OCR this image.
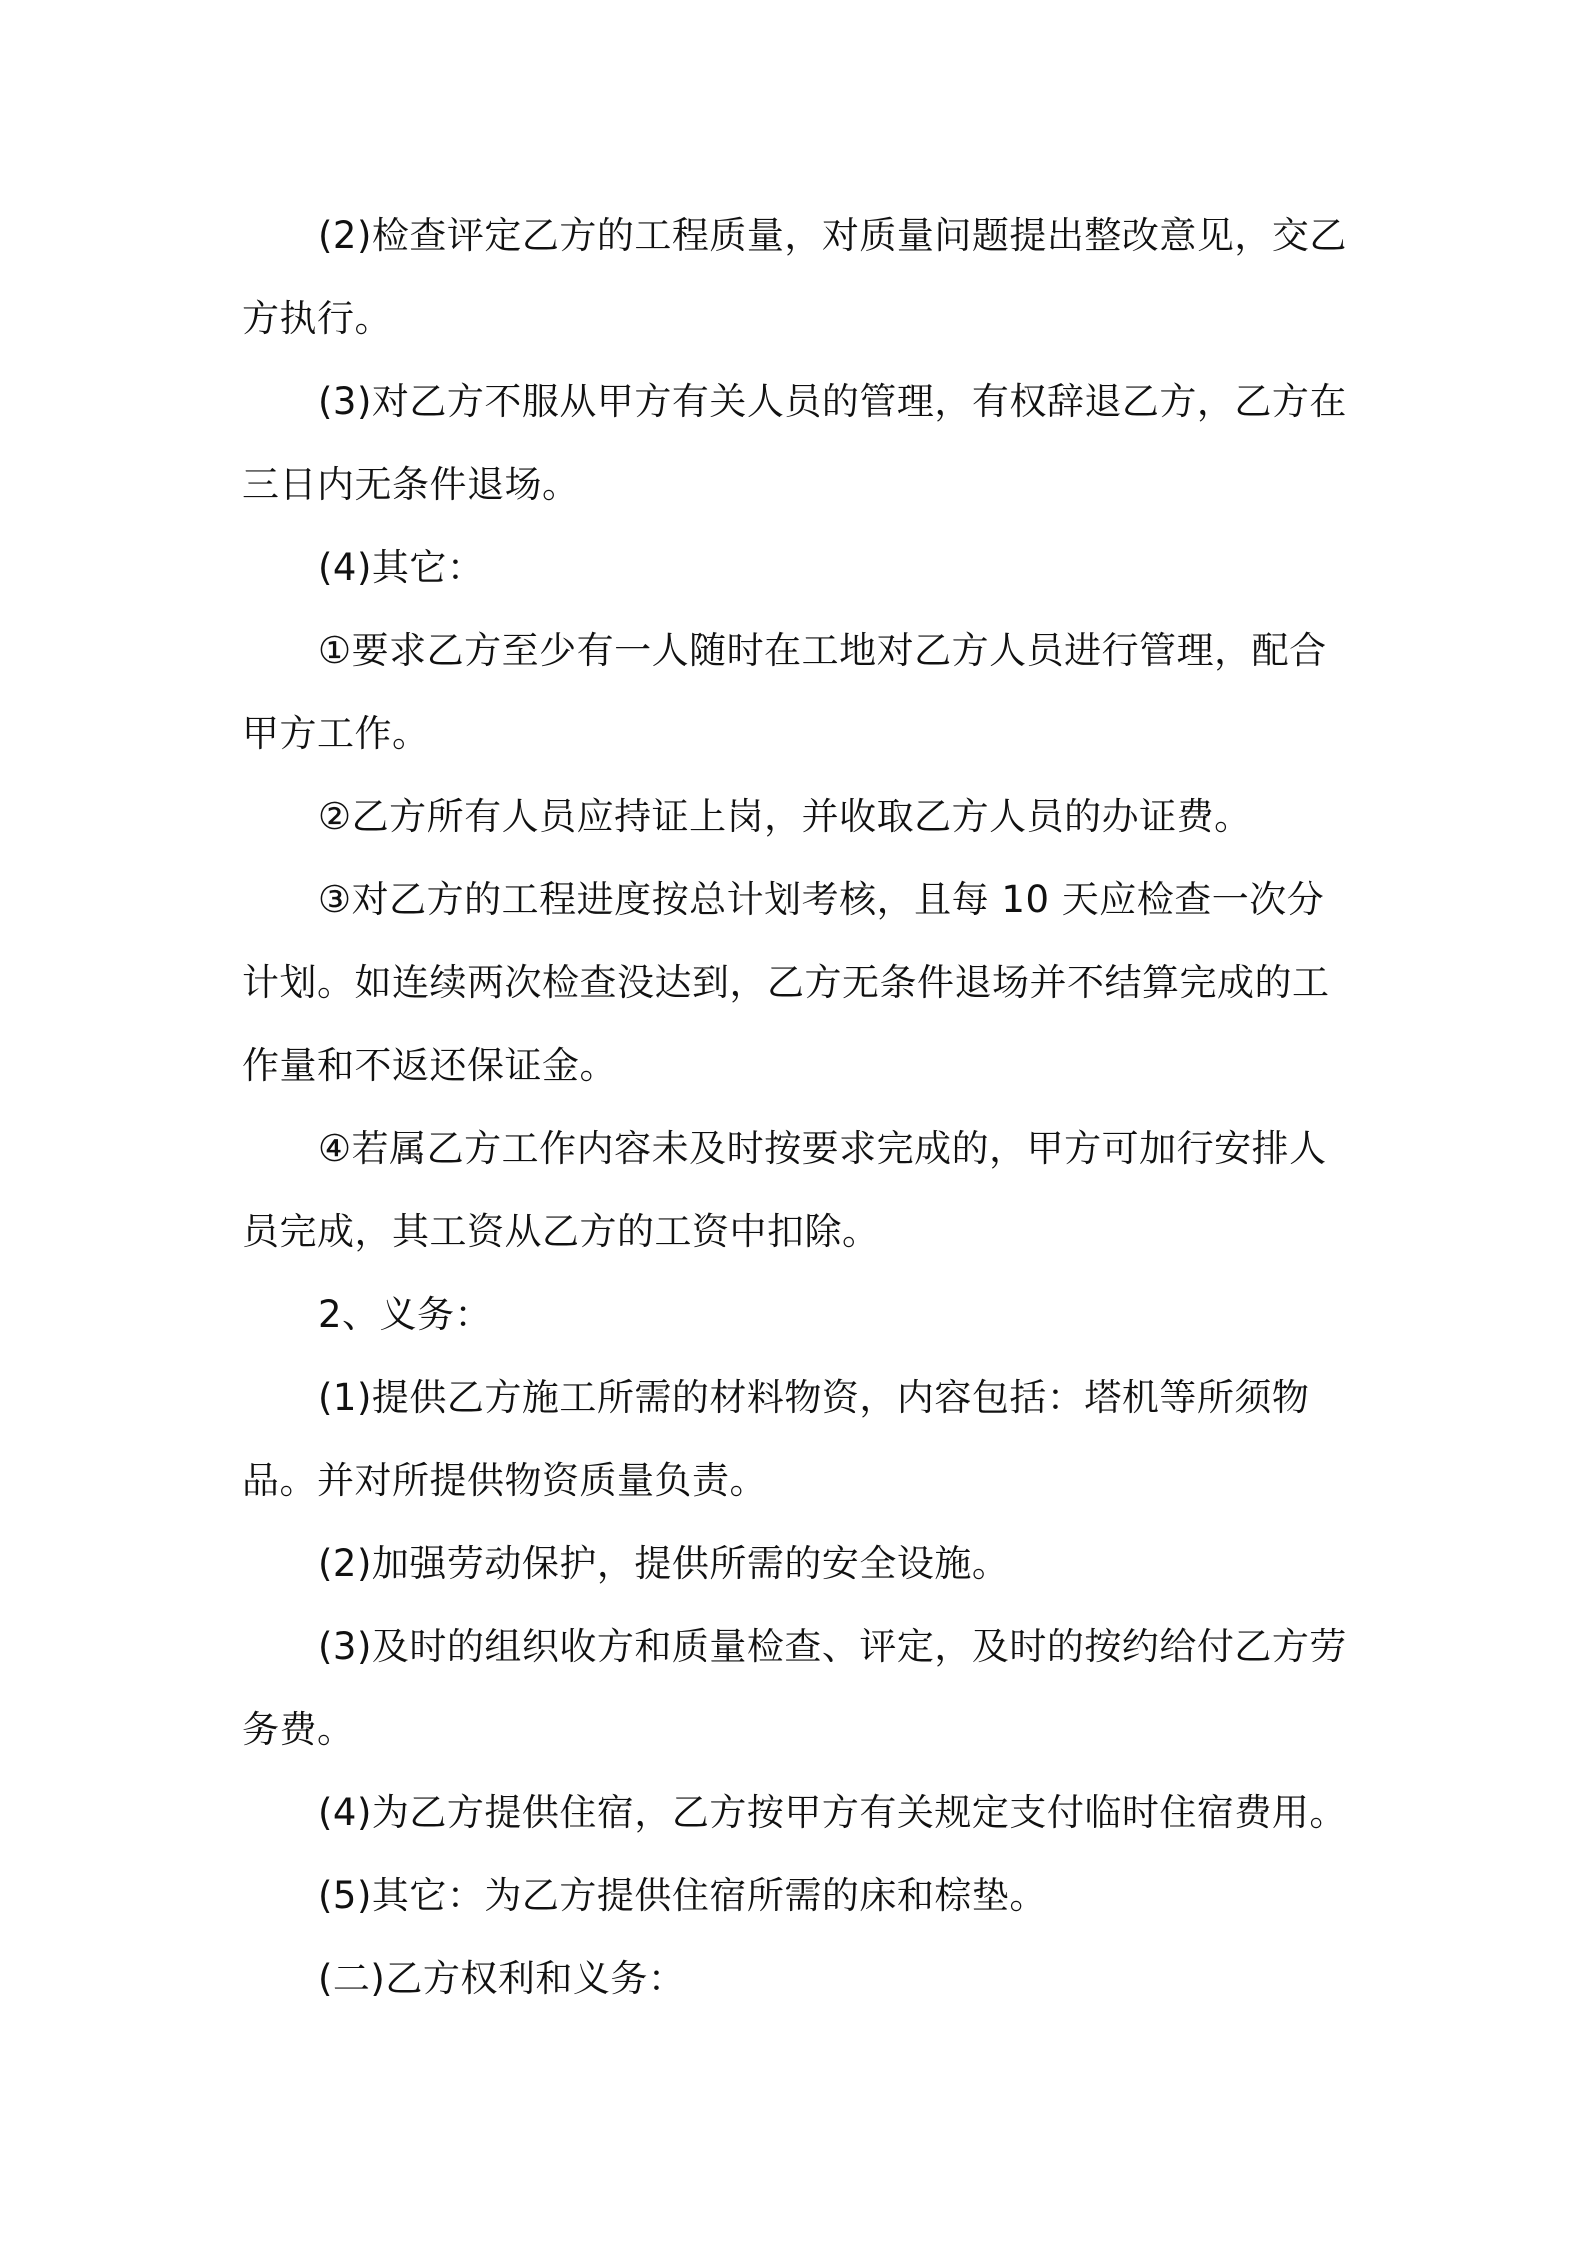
(2)检查评定乙方的工程质量，对质量问题提出整改意见，交乙方执行。

(3)对乙方不服从甲方有关人员的管理，有权辞退乙方，乙方在三日内无条件退场。

(4)其它：

①要求乙方至少有一人随时在工地对乙方人员进行管理，配合甲方工作。

②乙方所有人员应持证上岗，并收取乙方人员的办证费。

③对乙方的工程进度按总计划考核，且每 10 天应检查一次分计划。如连续两次检查没达到，乙方无条件退场并不结算完成的工作量和不返还保证金。

④若属乙方工作内容未及时按要求完成的，甲方可加行安排人员完成，其工资从乙方的工资中扣除。

2、义务：

(1)提供乙方施工所需的材料物资，内容包括：塔机等所须物品。并对所提供物资质量负责。

(2)加强劳动保护，提供所需的安全设施。

(3)及时的组织收方和质量检查、评定，及时的按约给付乙方劳务费。

(4)为乙方提供住宿，乙方按甲方有关规定支付临时住宿费用。

(5)其它：为乙方提供住宿所需的床和棕垫。

(二)乙方权利和义务：
